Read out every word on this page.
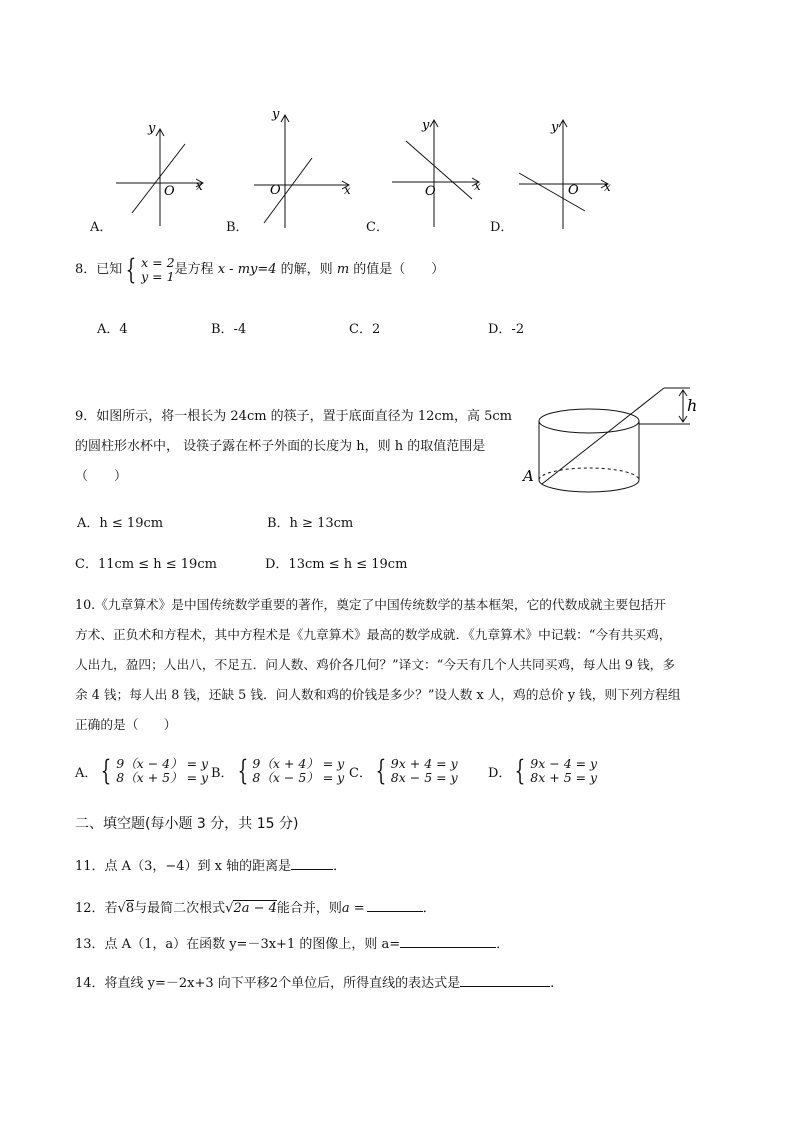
y
x
O
A．
y
x
O
B．
y
x
O
C．
y
x
O
D．
8．已知 { x = 2
y = 1 是方程 x - my=4 的解，则 m 的值是（　　）
A．4	B．-4	C．2	D．-2
9．如图所示，将一根长为 24cm 的筷子，置于底面直径为 12cm，高 5cm
的圆柱形水杯中， 设筷子露在杯子外面的长度为 h，则 h 的取值范围是
（　　）	A
h
A．h ≤ 19cm	B．h ≥ 13cm
C．11cm ≤ h ≤ 19cm	D．13cm ≤ h ≤ 19cm
10.《九章算术》是中国传统数学重要的著作，奠定了中国传统数学的基本框架，它的代数成就主要包括开
方术、正负术和方程术，其中方程术是《九章算术》最高的数学成就．《九章算术》中记载：“今有共买鸡，
人出九，盈四；人出八，不足五．问人数、鸡价各几何？”译文：“今天有几个人共同买鸡，每人出 9 钱，多
余 4 钱；每人出 8 钱，还缺 5 钱．问人数和鸡的价钱是多少？”设人数 x 人，鸡的总价 y 钱，则下列方程组
正确的是（　　）
A． { 9（x − 4） = y
8（x + 5） = y B． { 9（x + 4） = y
8（x − 5） = y C． { 9x + 4 = y
8x − 5 = y D． { 9x − 4 = y
8x + 5 = y
二、填空题(每小题 3 分，共 15 分)
11．点 A（3，−4）到 x 轴的距离是	．
12．若√8与最简二次根式√2a − 4能合并，则a =	．
13．点 A（1，a）在函数 y=－3x+1 的图像上，则 a=	．
14．将直线 y=－2x+3 向下平移2个单位后，所得直线的表达式是	.
